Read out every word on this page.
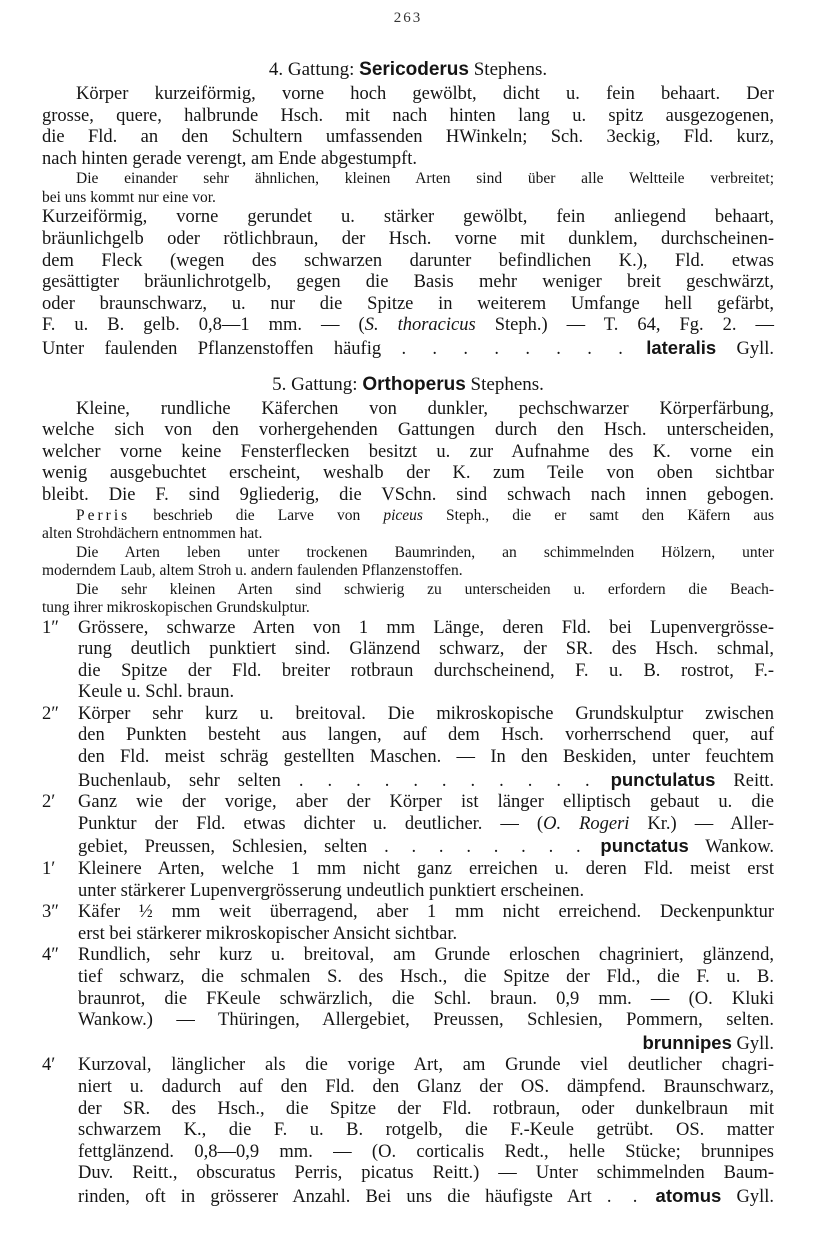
263
4. Gattung: Sericoderus Stephens.

Körper kurzeiförmig, vorne hoch gewölbt, dicht u. fein behaart. Der

grosse, quere, halbrunde Hsch. mit nach hinten lang u. spitz ausgezogenen,

die Fld. an den Schultern umfassenden HWinkeln; Sch. 3eckig, Fld. kurz,

nach hinten gerade verengt, am Ende abgestumpft.

Die einander sehr ähnlichen, kleinen Arten sind über alle Weltteile verbreitet;

bei uns kommt nur eine vor.

Kurzeiförmig, vorne gerundet u. stärker gewölbt, fein anliegend behaart,

bräunlichgelb oder rötlichbraun, der Hsch. vorne mit dunklem, durchscheinen-

dem Fleck (wegen des schwarzen darunter befindlichen K.), Fld. etwas

gesättigter bräunlichrotgelb, gegen die Basis mehr weniger breit geschwärzt,

oder braunschwarz, u. nur die Spitze in weiterem Umfange hell gefärbt,

F. u. B. gelb. 0,8—1 mm. — (S. thoracicus Steph.) — T. 64, Fg. 2. —

Unter faulenden Pflanzenstoffen häufig . . . . . . . . lateralis Gyll.

5. Gattung: Orthoperus Stephens.

Kleine, rundliche Käferchen von dunkler, pechschwarzer Körperfärbung,

welche sich von den vorhergehenden Gattungen durch den Hsch. unterscheiden,

welcher vorne keine Fensterflecken besitzt u. zur Aufnahme des K. vorne ein

wenig ausgebuchtet erscheint, weshalb der K. zum Teile von oben sichtbar

bleibt. Die F. sind 9gliederig, die VSchn. sind schwach nach innen gebogen.

Perris beschrieb die Larve von piceus Steph., die er samt den Käfern aus

alten Strohdächern entnommen hat.

Die Arten leben unter trockenen Baumrinden, an schimmelnden Hölzern, unter

moderndem Laub, altem Stroh u. andern faulenden Pflanzenstoffen.

Die sehr kleinen Arten sind schwierig zu unterscheiden u. erfordern die Beach-

tung ihrer mikroskopischen Grundskulptur.

1″ Grössere, schwarze Arten von 1 mm Länge, deren Fld. bei Lupenvergrösse-

rung deutlich punktiert sind. Glänzend schwarz, der SR. des Hsch. schmal,

die Spitze der Fld. breiter rotbraun durchscheinend, F. u. B. rostrot, F.-

Keule u. Schl. braun.

2″ Körper sehr kurz u. breitoval. Die mikroskopische Grundskulptur zwischen

den Punkten besteht aus langen, auf dem Hsch. vorherrschend quer, auf

den Fld. meist schräg gestellten Maschen. — In den Beskiden, unter feuchtem

Buchenlaub, sehr selten . . . . . . . . . . . punctulatus Reitt.

2′ Ganz wie der vorige, aber der Körper ist länger elliptisch gebaut u. die

Punktur der Fld. etwas dichter u. deutlicher. — (O. Rogeri Kr.) — Aller-

gebiet, Preussen, Schlesien, selten . . . . . . . . punctatus Wankow.

1′ Kleinere Arten, welche 1 mm nicht ganz erreichen u. deren Fld. meist erst

unter stärkerer Lupenvergrösserung undeutlich punktiert erscheinen.

3″ Käfer ½ mm weit überragend, aber 1 mm nicht erreichend. Deckenpunktur

erst bei stärkerer mikroskopischer Ansicht sichtbar.

4″ Rundlich, sehr kurz u. breitoval, am Grunde erloschen chagriniert, glänzend,

tief schwarz, die schmalen S. des Hsch., die Spitze der Fld., die F. u. B.

braunrot, die FKeule schwärzlich, die Schl. braun. 0,9 mm. — (O. Kluki

Wankow.) — Thüringen, Allergebiet, Preussen, Schlesien, Pommern, selten.

brunnipes Gyll.

4′ Kurzoval, länglicher als die vorige Art, am Grunde viel deutlicher chagri-

niert u. dadurch auf den Fld. den Glanz der OS. dämpfend. Braunschwarz,

der SR. des Hsch., die Spitze der Fld. rotbraun, oder dunkelbraun mit

schwarzem K., die F. u. B. rotgelb, die F.-Keule getrübt. OS. matter

fettglänzend. 0,8—0,9 mm. — (O. corticalis Redt., helle Stücke; brunnipes

Duv. Reitt., obscuratus Perris, picatus Reitt.) — Unter schimmelnden Baum-

rinden, oft in grösserer Anzahl. Bei uns die häufigste Art . . atomus Gyll.
